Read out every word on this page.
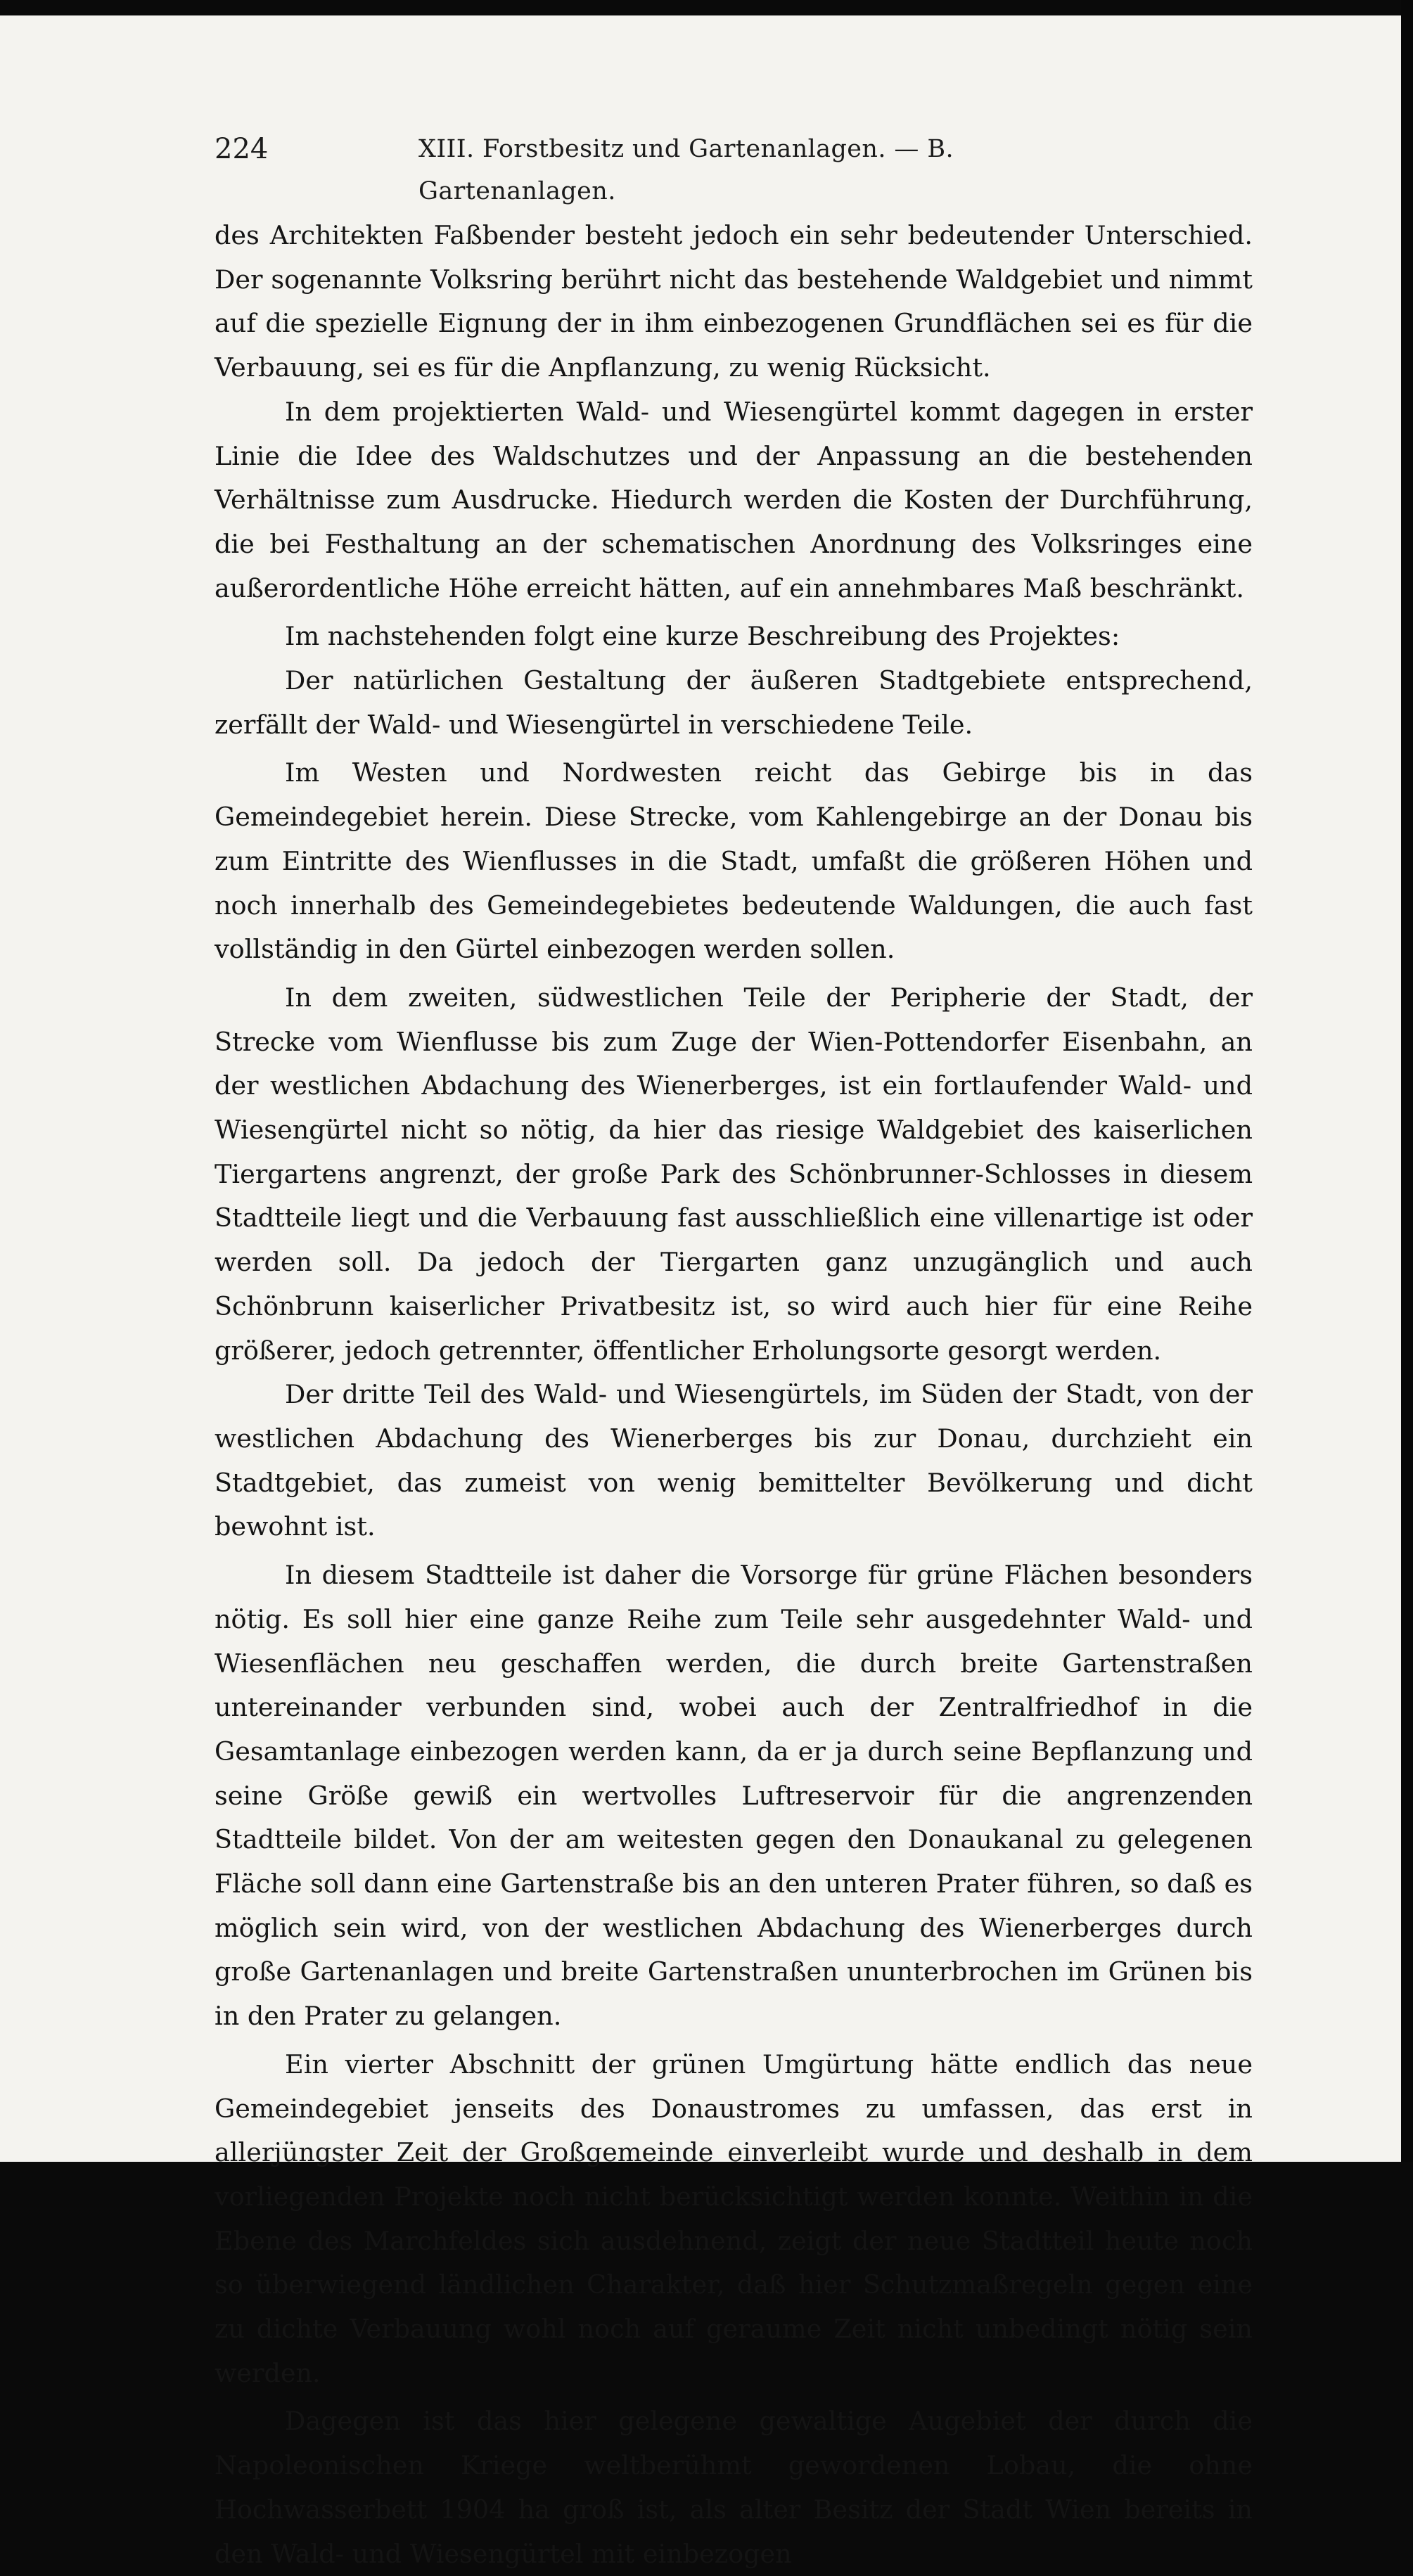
224	XIII. Forstbesitz und Gartenanlagen. — B. Gartenanlagen.

des Architekten Faßbender besteht jedoch ein sehr bedeutender Unterschied. Der sogenannte Volksring berührt nicht das bestehende Waldgebiet und nimmt auf die spezielle Eignung der in ihm einbezogenen Grundflächen sei es für die Verbauung, sei es für die Anpflanzung, zu wenig Rücksicht.

In dem projektierten Wald- und Wiesengürtel kommt dagegen in erster Linie die Idee des Waldschutzes und der Anpassung an die bestehenden Verhältnisse zum Ausdrucke. Hiedurch werden die Kosten der Durchführung, die bei Festhaltung an der schematischen Anordnung des Volksringes eine außerordentliche Höhe erreicht hätten, auf ein annehmbares Maß beschränkt.

Im nachstehenden folgt eine kurze Beschreibung des Projektes:

Der natürlichen Gestaltung der äußeren Stadtgebiete entsprechend, zerfällt der Wald- und Wiesengürtel in verschiedene Teile.

Im Westen und Nordwesten reicht das Gebirge bis in das Gemeindegebiet herein. Diese Strecke, vom Kahlengebirge an der Donau bis zum Eintritte des Wienflusses in die Stadt, umfaßt die größeren Höhen und noch innerhalb des Gemeindegebietes bedeutende Waldungen, die auch fast vollständig in den Gürtel einbezogen werden sollen.

In dem zweiten, südwestlichen Teile der Peripherie der Stadt, der Strecke vom Wienflusse bis zum Zuge der Wien-Pottendorfer Eisenbahn, an der westlichen Abdachung des Wienerberges, ist ein fortlaufender Wald- und Wiesengürtel nicht so nötig, da hier das riesige Waldgebiet des kaiserlichen Tiergartens angrenzt, der große Park des Schönbrunner-Schlosses in diesem Stadtteile liegt und die Verbauung fast ausschließlich eine villenartige ist oder werden soll. Da jedoch der Tiergarten ganz unzugänglich und auch Schönbrunn kaiserlicher Privatbesitz ist, so wird auch hier für eine Reihe größerer, jedoch getrennter, öffentlicher Erholungsorte gesorgt werden.

Der dritte Teil des Wald- und Wiesengürtels, im Süden der Stadt, von der westlichen Abdachung des Wienerberges bis zur Donau, durchzieht ein Stadtgebiet, das zumeist von wenig bemittelter Bevölkerung und dicht bewohnt ist.

In diesem Stadtteile ist daher die Vorsorge für grüne Flächen besonders nötig. Es soll hier eine ganze Reihe zum Teile sehr ausgedehnter Wald- und Wiesenflächen neu geschaffen werden, die durch breite Gartenstraßen untereinander verbunden sind, wobei auch der Zentralfriedhof in die Gesamtanlage einbezogen werden kann, da er ja durch seine Bepflanzung und seine Größe gewiß ein wertvolles Luftreservoir für die angrenzenden Stadtteile bildet. Von der am weitesten gegen den Donaukanal zu gelegenen Fläche soll dann eine Gartenstraße bis an den unteren Prater führen, so daß es möglich sein wird, von der westlichen Abdachung des Wienerberges durch große Gartenanlagen und breite Gartenstraßen ununterbrochen im Grünen bis in den Prater zu gelangen.

Ein vierter Abschnitt der grünen Umgürtung hätte endlich das neue Gemeindegebiet jenseits des Donaustromes zu umfassen, das erst in allerjüngster Zeit der Großgemeinde einverleibt wurde und deshalb in dem vorliegenden Projekte noch nicht berücksichtigt werden konnte. Weithin in die Ebene des Marchfeldes sich ausdehnend, zeigt der neue Stadtteil heute noch so überwiegend ländlichen Charakter, daß hier Schutzmaßregeln gegen eine zu dichte Verbauung wohl noch auf geraume Zeit nicht unbedingt nötig sein werden.

Dagegen ist das hier gelegene gewaltige Augebiet der durch die Napoleonischen Kriege weltberühmt gewordenen Lobau, die ohne Hochwasserbett 1904 ha groß ist, als alter Besitz der Stadt Wien bereits in den Wald- und Wiesengürtel mit einbezogen
